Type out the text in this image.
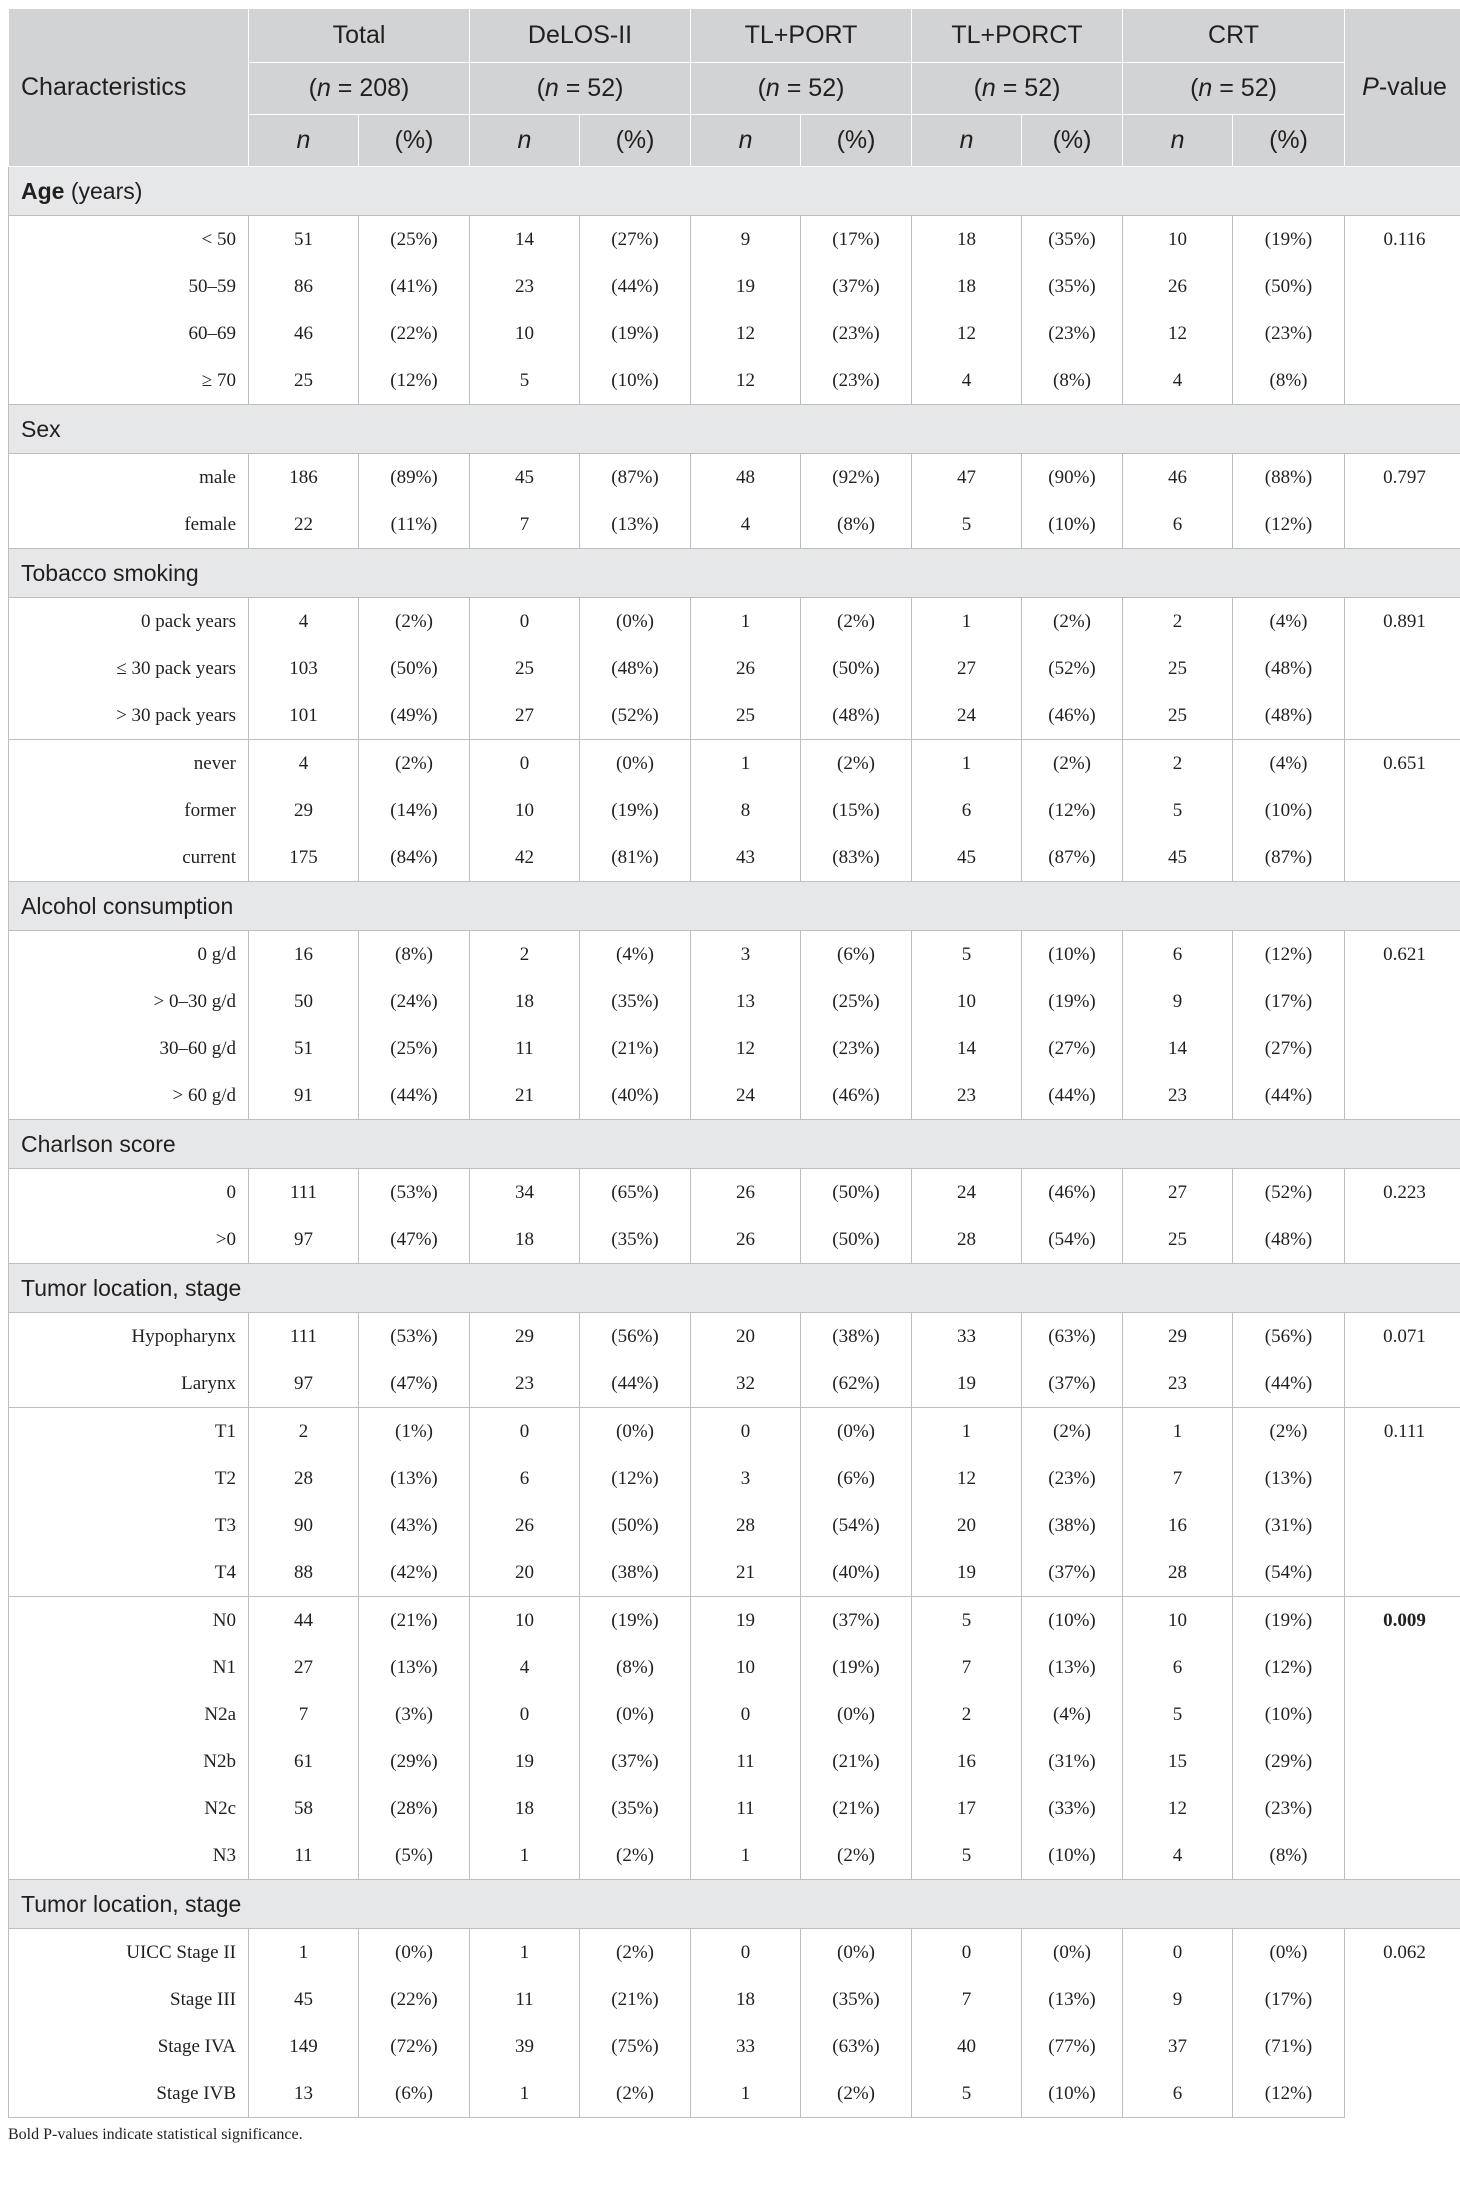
Characteristics	Total		DeLOS-II		TL+PORT		TL+PORCT		CRT		P-value
	(n = 208)		(n = 52)		(n = 52)		(n = 52)		(n = 52)		
	n	(%)	n	(%)	n	(%)	n	(%)	n	(%)	
Age (years)											
< 50	51	(25%)	14	(27%)	9	(17%)	18	(35%)	10	(19%)	0.116
50–59	86	(41%)	23	(44%)	19	(37%)	18	(35%)	26	(50%)	
60–69	46	(22%)	10	(19%)	12	(23%)	12	(23%)	12	(23%)	
≥ 70	25	(12%)	5	(10%)	12	(23%)	4	(8%)	4	(8%)	
Sex											
male	186	(89%)	45	(87%)	48	(92%)	47	(90%)	46	(88%)	0.797
female	22	(11%)	7	(13%)	4	(8%)	5	(10%)	6	(12%)	
Tobacco smoking											
0 pack years	4	(2%)	0	(0%)	1	(2%)	1	(2%)	2	(4%)	0.891
≤ 30 pack years	103	(50%)	25	(48%)	26	(50%)	27	(52%)	25	(48%)	
> 30 pack years	101	(49%)	27	(52%)	25	(48%)	24	(46%)	25	(48%)	
never	4	(2%)	0	(0%)	1	(2%)	1	(2%)	2	(4%)	0.651
former	29	(14%)	10	(19%)	8	(15%)	6	(12%)	5	(10%)	
current	175	(84%)	42	(81%)	43	(83%)	45	(87%)	45	(87%)	
Alcohol consumption											
0 g/d	16	(8%)	2	(4%)	3	(6%)	5	(10%)	6	(12%)	0.621
> 0–30 g/d	50	(24%)	18	(35%)	13	(25%)	10	(19%)	9	(17%)	
30–60 g/d	51	(25%)	11	(21%)	12	(23%)	14	(27%)	14	(27%)	
> 60 g/d	91	(44%)	21	(40%)	24	(46%)	23	(44%)	23	(44%)	
Charlson score											
0	111	(53%)	34	(65%)	26	(50%)	24	(46%)	27	(52%)	0.223
>0	97	(47%)	18	(35%)	26	(50%)	28	(54%)	25	(48%)	
Tumor location, stage											
Hypopharynx	111	(53%)	29	(56%)	20	(38%)	33	(63%)	29	(56%)	0.071
Larynx	97	(47%)	23	(44%)	32	(62%)	19	(37%)	23	(44%)	
T1	2	(1%)	0	(0%)	0	(0%)	1	(2%)	1	(2%)	0.111
T2	28	(13%)	6	(12%)	3	(6%)	12	(23%)	7	(13%)	
T3	90	(43%)	26	(50%)	28	(54%)	20	(38%)	16	(31%)	
T4	88	(42%)	20	(38%)	21	(40%)	19	(37%)	28	(54%)	
N0	44	(21%)	10	(19%)	19	(37%)	5	(10%)	10	(19%)	0.009
N1	27	(13%)	4	(8%)	10	(19%)	7	(13%)	6	(12%)	
N2a	7	(3%)	0	(0%)	0	(0%)	2	(4%)	5	(10%)	
N2b	61	(29%)	19	(37%)	11	(21%)	16	(31%)	15	(29%)	
N2c	58	(28%)	18	(35%)	11	(21%)	17	(33%)	12	(23%)	
N3	11	(5%)	1	(2%)	1	(2%)	5	(10%)	4	(8%)	
Tumor location, stage											
UICC Stage II	1	(0%)	1	(2%)	0	(0%)	0	(0%)	0	(0%)	0.062
Stage III	45	(22%)	11	(21%)	18	(35%)	7	(13%)	9	(17%)	
Stage IVA	149	(72%)	39	(75%)	33	(63%)	40	(77%)	37	(71%)	
Stage IVB	13	(6%)	1	(2%)	1	(2%)	5	(10%)	6	(12%)	
Bold P-values indicate statistical significance.
